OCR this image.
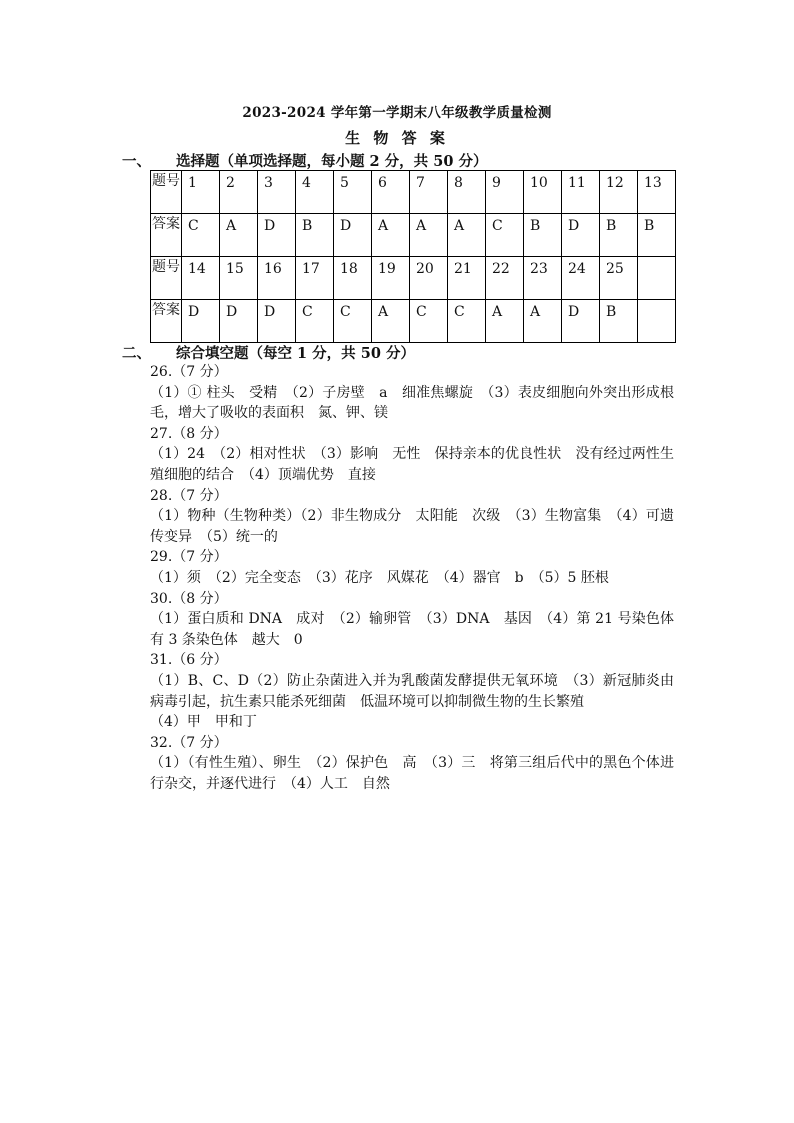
2023-2024 学年第一学期末八年级教学质量检测
生 物 答 案
一、 选择题（单项选择题，每小题 2 分，共 50 分）
题号	1	2	3	4	5	6	7	8	9	10	11	12	13
答案	C	A	D	B	D	A	A	A	C	B	D	B	B
题号	14	15	16	17	18	19	20	21	22	23	24	25	
答案	D	D	D	C	C	A	C	C	A	A	D	B	
二、 综合填空题（每空 1 分，共 50 分）

26.（7 分）

（1）① 柱头　受精　（2）子房壁　a　细准焦螺旋　（3）表皮细胞向外突出形成根毛，增大了吸收的表面积　氮、钾、镁

27.（8 分）

（1）24　（2）相对性状　（3）影响　无性　保持亲本的优良性状　没有经过两性生殖细胞的结合　（4）顶端优势　直接

28.（7 分）

（1）物种（生物种类）（2）非生物成分　太阳能　次级　（3）生物富集　（4）可遗传变异　（5）统一的

29.（7 分）

（1）须　（2）完全变态　（3）花序　风媒花　（4）器官　b　（5）5 胚根

30.（8 分）

（1）蛋白质和 DNA　成对　（2）输卵管　（3）DNA　基因　（4）第 21 号染色体有 3 条染色体　越大　0

31.（6 分）

（1）B、C、D（2）防止杂菌进入并为乳酸菌发酵提供无氧环境　（3）新冠肺炎由病毒引起，抗生素只能杀死细菌　低温环境可以抑制微生物的生长繁殖

（4）甲　甲和丁

32.（7 分）

（1）（有性生殖）、卵生　（2）保护色　高　（3）三　将第三组后代中的黑色个体进行杂交，并逐代进行　（4）人工　自然
